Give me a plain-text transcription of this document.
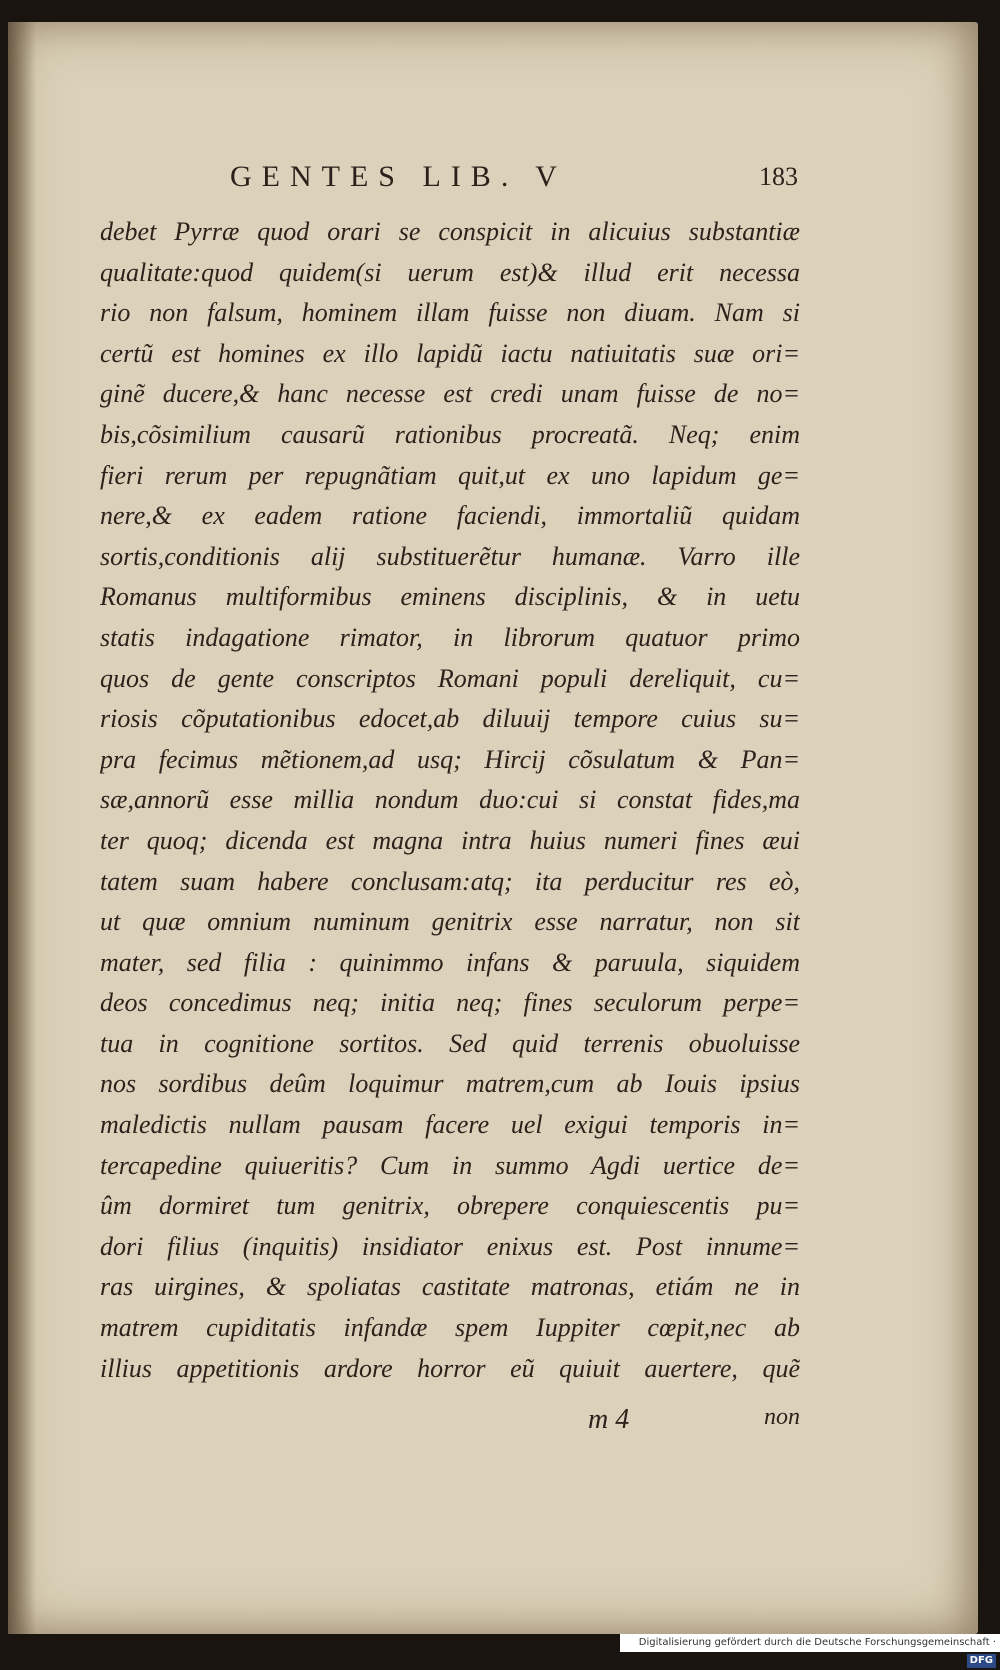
GENTES LIB. V	183
debet Pyrræ quod orari se conspicit in alicuius substantiæ
qualitate:quod quidem(si uerum est)& illud erit necessa
rio non falsum, hominem illam fuisse non diuam. Nam si
certũ est homines ex illo lapidũ iactu natiuitatis suæ ori=
ginẽ ducere,& hanc necesse est credi unam fuisse de no=
bis,cõsimilium causarũ rationibus procreatã. Neq; enim
fieri rerum per repugnãtiam quit,ut ex uno lapidum ge=
nere,& ex eadem ratione faciendi, immortaliũ quidam
sortis,conditionis alij substituerẽtur humanæ. Varro ille
Romanus multiformibus eminens disciplinis, & in uetu
statis indagatione rimator, in librorum quatuor primo
quos de gente conscriptos Romani populi dereliquit, cu=
riosis cõputationibus edocet,ab diluuij tempore cuius su=
pra fecimus mẽtionem,ad usq; Hircij cõsulatum & Pan=
sæ,annorũ esse millia nondum duo:cui si constat fides,ma
ter quoq; dicenda est magna intra huius numeri fines æui
tatem suam habere conclusam:atq; ita perducitur res eò,
ut quæ omnium numinum genitrix esse narratur, non sit
mater, sed filia : quinimmo infans & paruula, siquidem
deos concedimus neq; initia neq; fines seculorum perpe=
tua in cognitione sortitos. Sed quid terrenis obuoluisse
nos sordibus deûm loquimur matrem,cum ab Iouis ipsius
maledictis nullam pausam facere uel exigui temporis in=
tercapedine quiueritis? Cum in summo Agdi uertice de=
ûm dormiret tum genitrix, obrepere conquiescentis pu=
dori filius (inquitis) insidiator enixus est. Post innume=
ras uirgines, & spoliatas castitate matronas, etiám ne in
matrem cupiditatis infandæ spem Iuppiter cœpit,nec ab
illius appetitionis ardore horror eũ quiuit auertere, quẽ
m 4	non
Digitalisierung gefördert durch die Deutsche Forschungsgemeinschaft ·DFG
